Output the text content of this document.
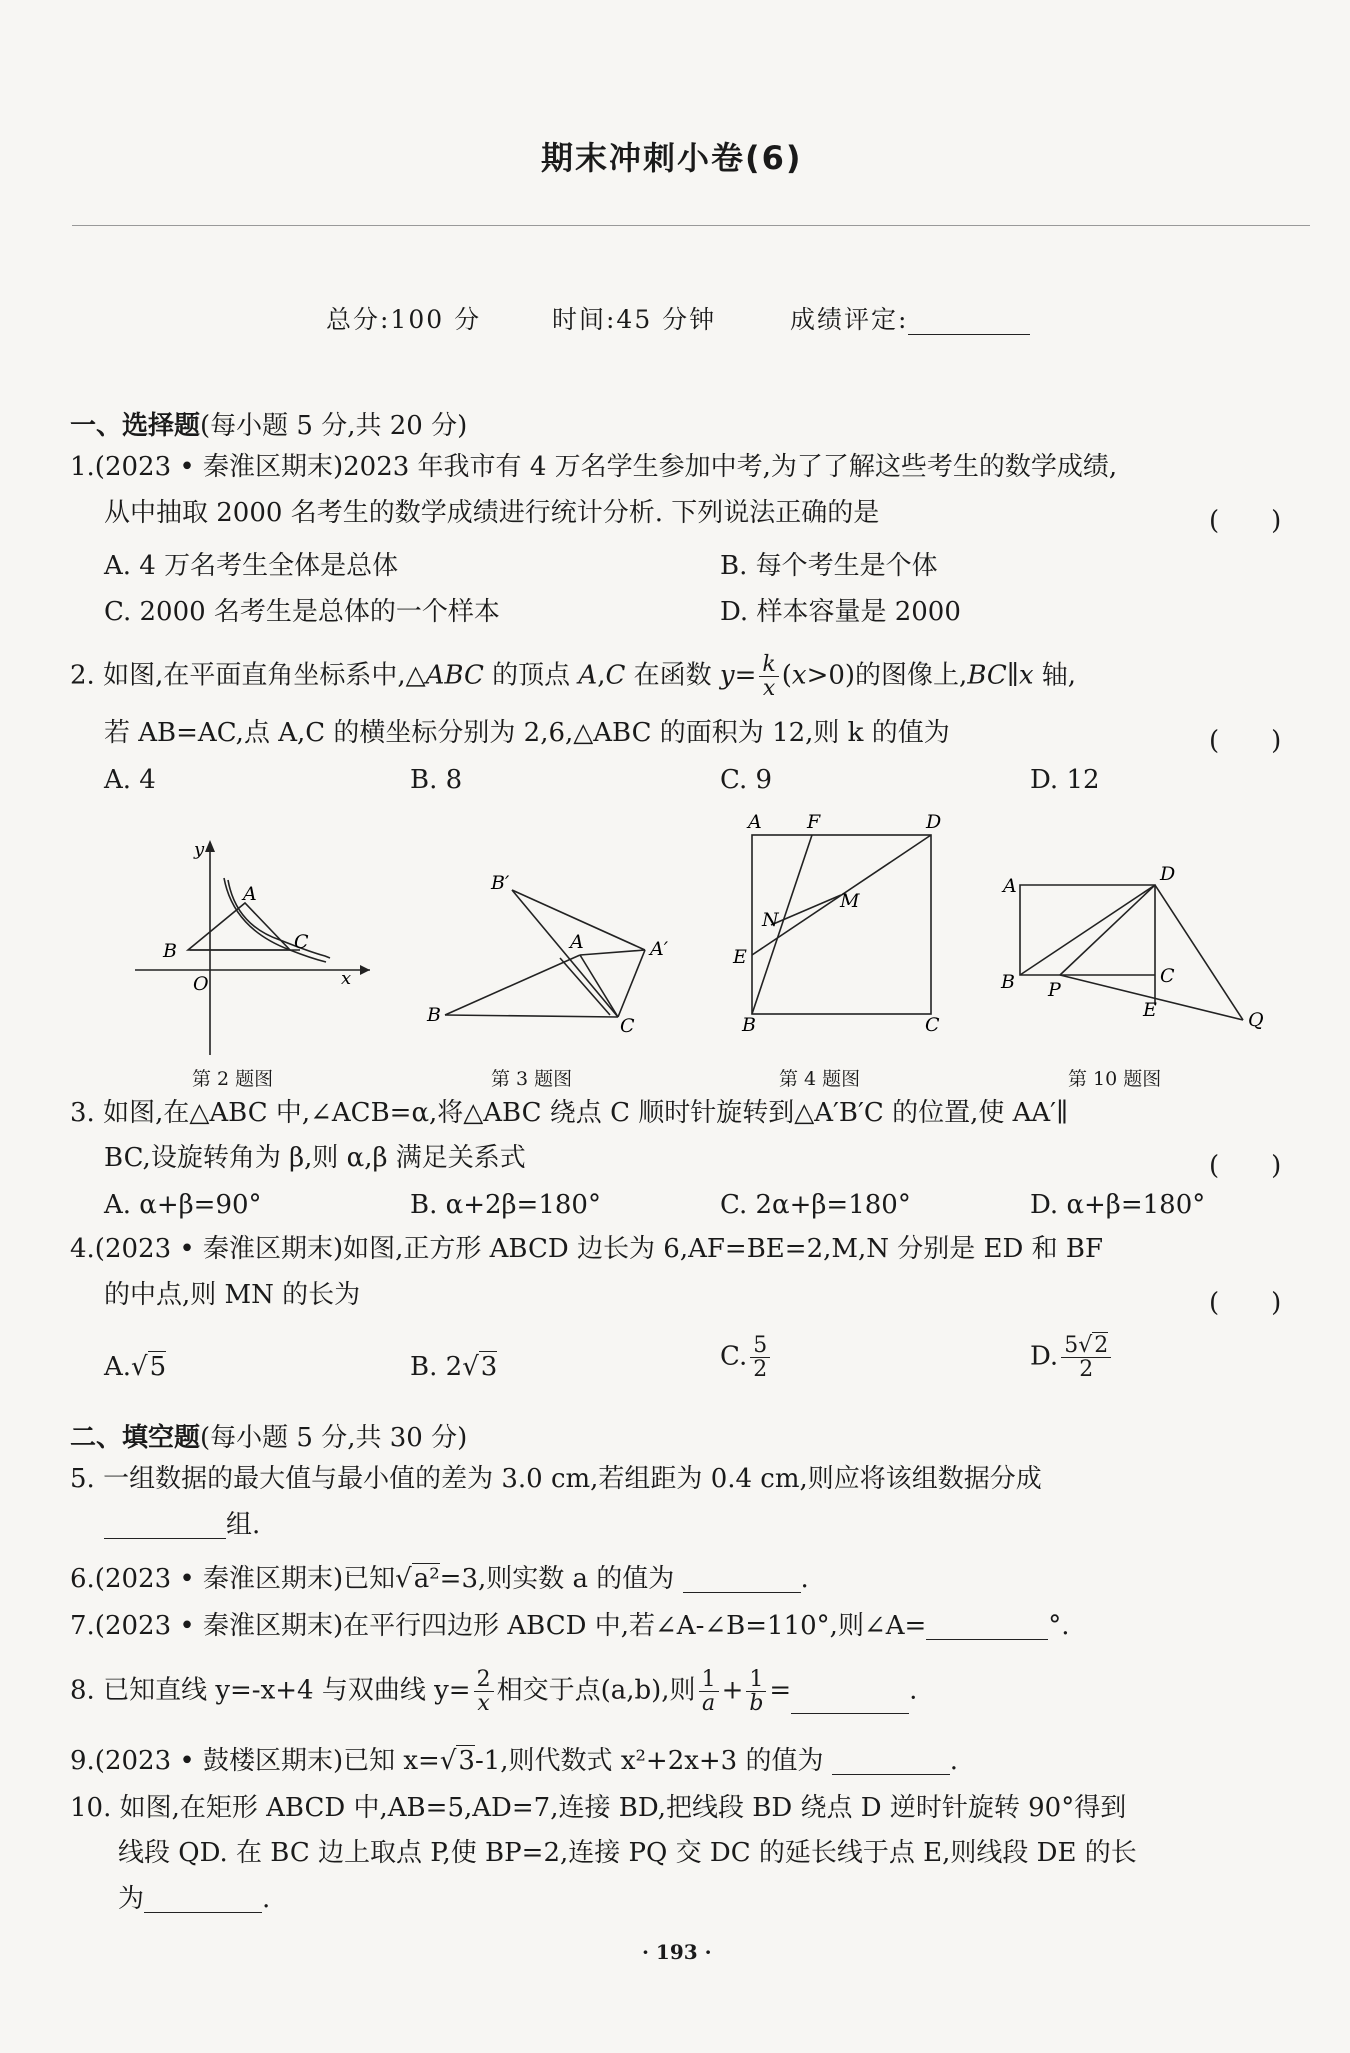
期末冲刺小卷(6)
总分:100 分	时间:45 分钟	成绩评定:
一、选择题(每小题 5 分,共 20 分)
1.(2023 • 秦淮区期末)2023 年我市有 4 万名学生参加中考,为了了解这些考生的数学成绩,
从中抽取 2000 名考生的数学成绩进行统计分析. 下列说法正确的是	(　　)
A. 4 万名考生全体是总体	B. 每个考生是个体
C. 2000 名考生是总体的一个样本	D. 样本容量是 2000
2. 如图,在平面直角坐标系中,△ABC 的顶点 A,C 在函数 $y= \frac{k}{x} (x>0)$的图像上,BC∥x 轴,
若 AB=AC,点 A,C 的横坐标分别为 2,6,△ABC 的面积为 12,则 k 的值为	(　　)
A. 4	B. 8	C. 9	D. 12
y
A
B	C
O	x
B′
A	A′
B	C
A F	D
N
M
E
B	C
A
D
B P
C
E	Q
第 2 题图	第 3 题图	第 4 题图	第 10 题图
3. 如图,在△ABC 中,∠ACB=α,将△ABC 绕点 C 顺时针旋转到△A′B′C 的位置,使 AA′∥
BC,设旋转角为 β,则 α,β 满足关系式	(　　)
A. α+β=90°	B. α+2β=180°	C. 2α+β=180°	D. α+β=180°
4.(2023 • 秦淮区期末)如图,正方形 ABCD 边长为 6,AF=BE=2,M,N 分别是 ED 和 BF
的中点,则 MN 的长为	(　　)
A.√5	B. 2√3	C. $\frac{5}{2}$	D. $\frac{5√2}{2}$
二、填空题(每小题 5 分,共 30 分)
5. 一组数据的最大值与最小值的差为 3.0 cm,若组距为 0.4 cm,则应将该组数据分成
组.
6.(2023 • 秦淮区期末)已知√a²=3,则实数 a 的值为	.
7.(2023 • 秦淮区期末)在平行四边形 ABCD 中,若∠A-∠B=110°,则∠A=	°.
8. 已知直线 y=-x+4 与双曲线 $y= \frac{2}{x}$ 相交于点(a,b),则 $\frac{1}{a} + \frac{1}{b}$ =	.
9.(2023 • 鼓楼区期末)已知 x=√3-1,则代数式 x²+2x+3 的值为	.
10. 如图,在矩形 ABCD 中,AB=5,AD=7,连接 BD,把线段 BD 绕点 D 逆时针旋转 90°得到
线段 QD. 在 BC 边上取点 P,使 BP=2,连接 PQ 交 DC 的延长线于点 E,则线段 DE 的长
为	.
· 193 ·
